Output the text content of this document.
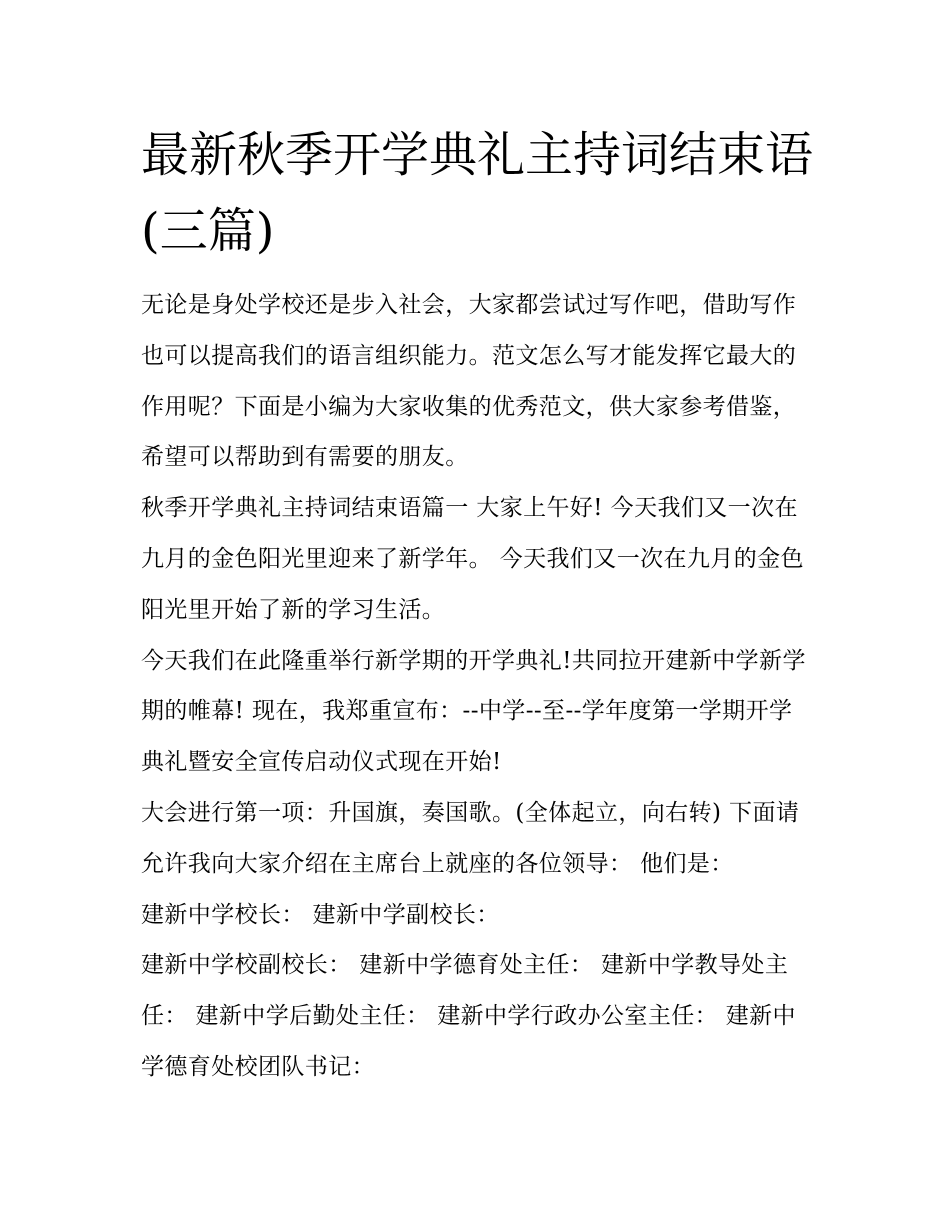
最新秋季开学典礼主持词结束语(三篇)

无论是身处学校还是步入社会，大家都尝试过写作吧，借助写作也可以提高我们的语言组织能力。范文怎么写才能发挥它最大的作用呢？下面是小编为大家收集的优秀范文，供大家参考借鉴，希望可以帮助到有需要的朋友。

秋季开学典礼主持词结束语篇一 大家上午好! 今天我们又一次在九月的金色阳光里迎来了新学年。 今天我们又一次在九月的金色阳光里开始了新的学习生活。

今天我们在此隆重举行新学期的开学典礼!共同拉开建新中学新学期的帷幕! 现在，我郑重宣布：--中学--至--学年度第一学期开学典礼暨安全宣传启动仪式现在开始!

大会进行第一项：升国旗，奏国歌。(全体起立，向右转) 下面请允许我向大家介绍在主席台上就座的各位领导： 他们是：

建新中学校长： 建新中学副校长：

建新中学校副校长： 建新中学德育处主任： 建新中学教导处主任： 建新中学后勤处主任： 建新中学行政办公室主任： 建新中学德育处校团队书记：
